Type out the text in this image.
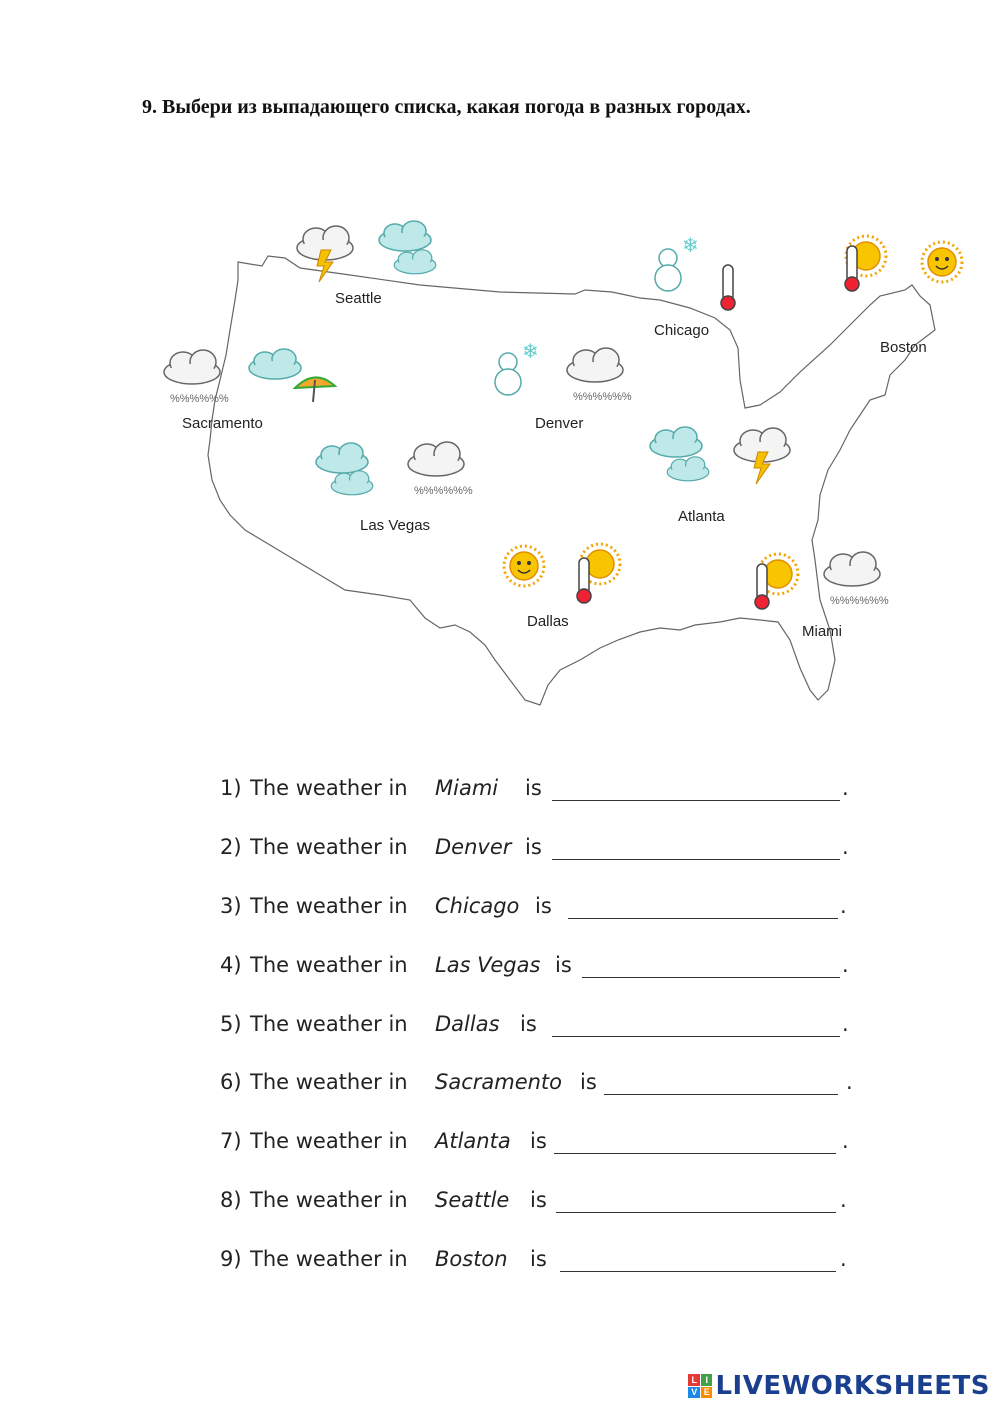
9. Выбери из выпадающего списка, какая погода в разных городах.
Seattle
❄
Chicago
Boston
%%%%%%
Sacramento
❄
%%%%%%
Denver
%%%%%%
Las Vegas
Atlanta
Dallas
%%%%%%
Miami
1) The weather in Miami is	.
2) The weather in Denver is	.
3) The weather in Chicago is	.
4) The weather in Las Vegas is	.
5) The weather in Dallas is	.
6) The weather in Sacramento is	.
7) The weather in Atlanta is	.
8) The weather in Seattle is	.
9) The weather in Boston is	.
L I
V E LIVEWORKSHEETS
